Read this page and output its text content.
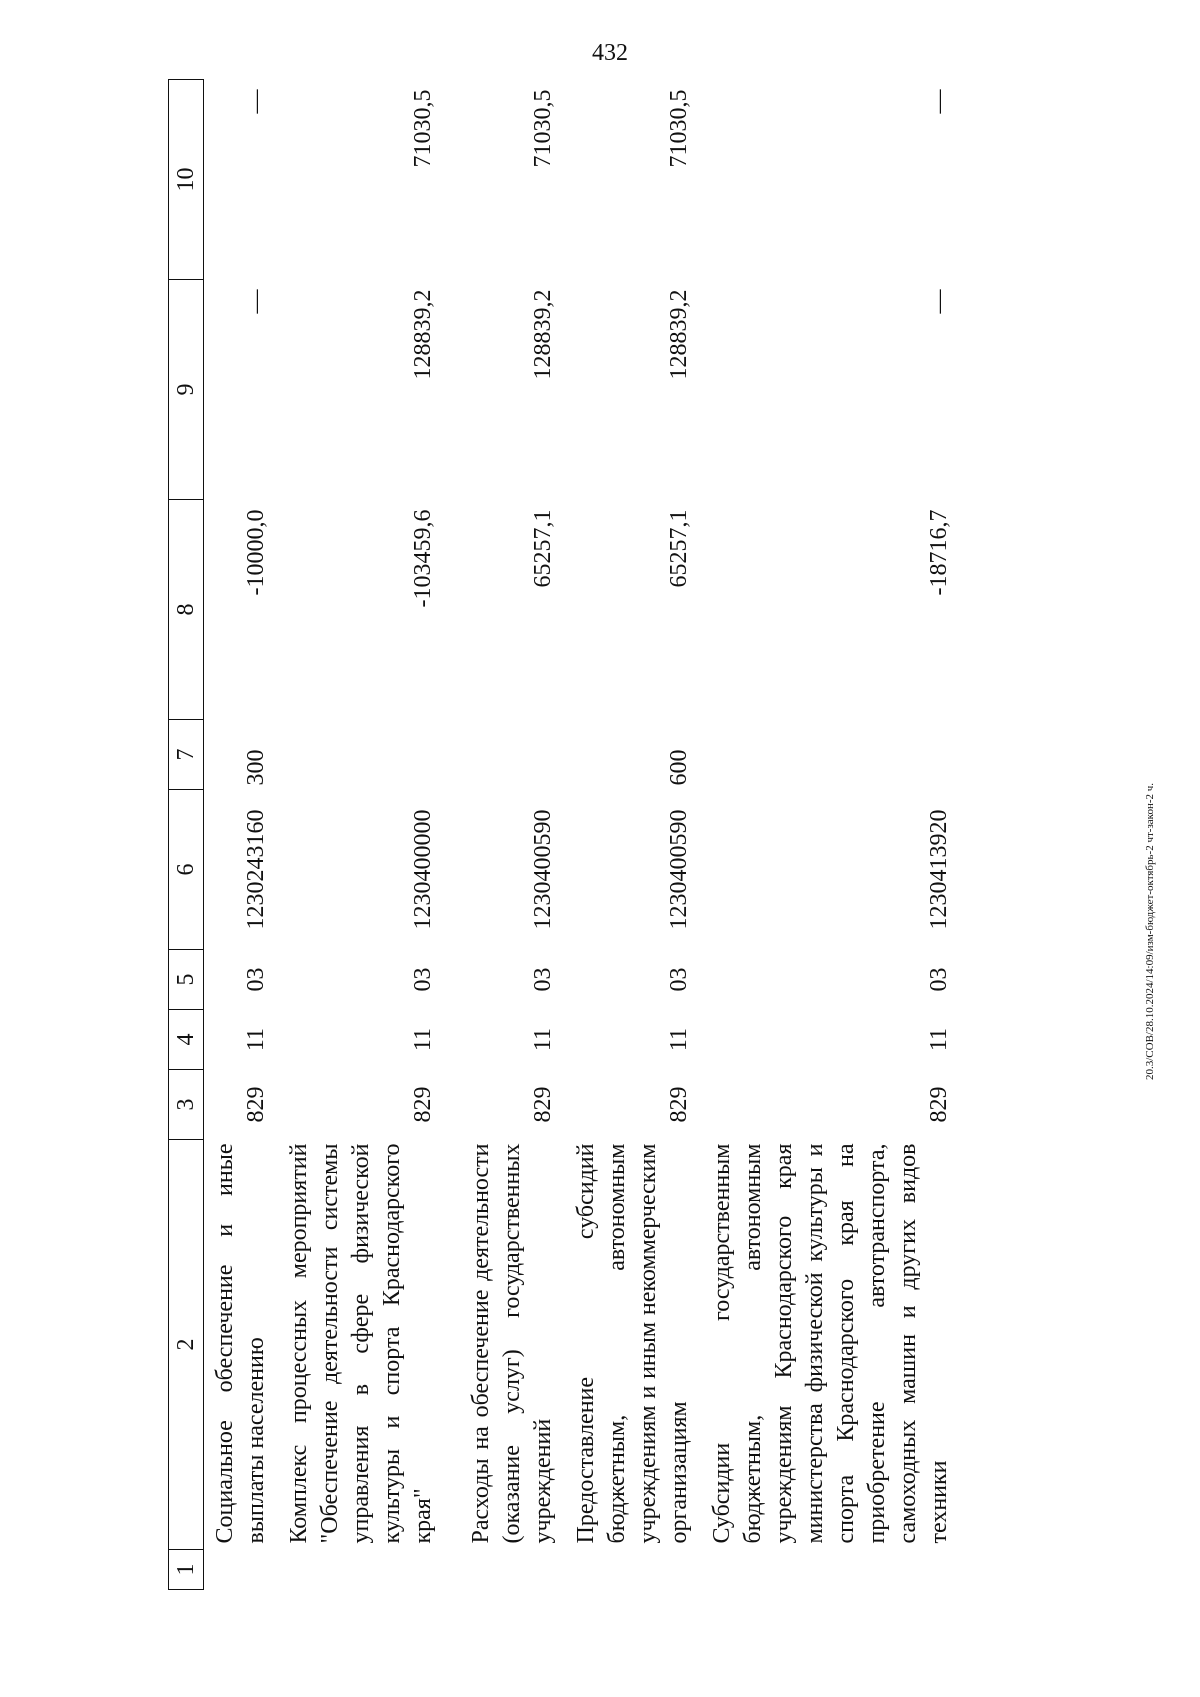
432
20.3/СОВ/28.10.2024/14:09/изм-бюджет-октябрь-2 чт-закон-2 ч.
1	2	3	4	5	6	7	8	9	10
	Социальное обеспечение и иные выплаты населению	829	11	03	1230243160	300	-10000,0	—	—
	Комплекс процессных мероприятий "Обеспечение деятельности системы управления в сфере физической культуры и спорта Краснодарского края"	829	11	03	1230400000		-103459,6	128839,2	71030,5
	Расходы на обеспечение деятельности (оказание услуг) государственных учреждений	829	11	03	1230400590		65257,1	128839,2	71030,5
	Предоставление субсидий бюджетным, автономным учреждениям и иным некоммерческим организациям	829	11	03	1230400590	600	65257,1	128839,2	71030,5
	Субсидии государственным бюджетным, автономным учреждениям Краснодарского края министерства физической культуры и спорта Краснодарского края на приобретение автотранспорта, самоходных машин и других видов техники	829	11	03	1230413920		-18716,7	—	—
